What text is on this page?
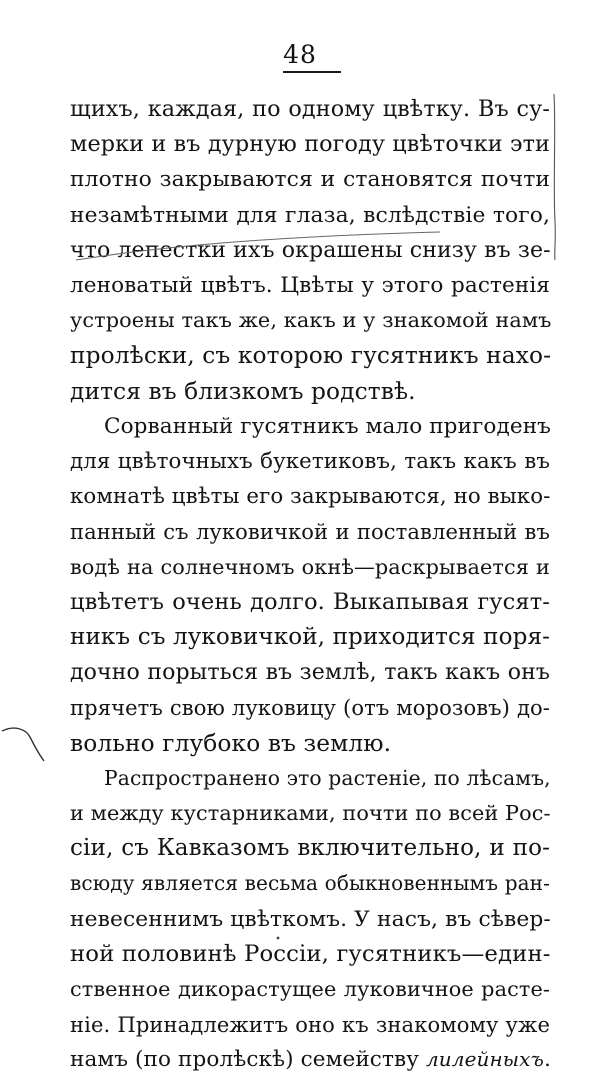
48
щихъ, каждая, по одному цвѣтку. Въ су-
мерки и въ дурную погоду цвѣточки эти
плотно закрываются и становятся почти
незамѣтными для глаза, вслѣдствіе того,
что лепестки ихъ окрашены снизу въ зе-
леноватый цвѣтъ. Цвѣты у этого растенія
устроены такъ же, какъ и у знакомой намъ
пролѣски, съ которою гусятникъ нахо-
дится въ близкомъ родствѣ.
Сорванный гусятникъ мало пригоденъ
для цвѣточныхъ букетиковъ, такъ какъ въ
комнатѣ цвѣты его закрываются, но выко-
панный съ луковичкой и поставленный въ
водѣ на солнечномъ окнѣ—раскрывается и
цвѣтетъ очень долго. Выкапывая гусят-
никъ съ луковичкой, приходится поря-
дочно порыться въ землѣ, такъ какъ онъ
прячетъ свою луковицу (отъ морозовъ) до-
вольно глубоко въ землю.
Распространено это растеніе, по лѣсамъ,
и между кустарниками, почти по всей Рос-
сіи, съ Кавказомъ включительно, и по-
всюду является весьма обыкновеннымъ ран-
невесеннимъ цвѣткомъ. У насъ, въ сѣвер-
ной половинѣ Россіи, гусятникъ—един-
ственное дикорастущее луковичное расте-
ніе. Принадлежитъ оно къ знакомому уже
намъ (по пролѣскѣ) семейству лилейныхъ.
